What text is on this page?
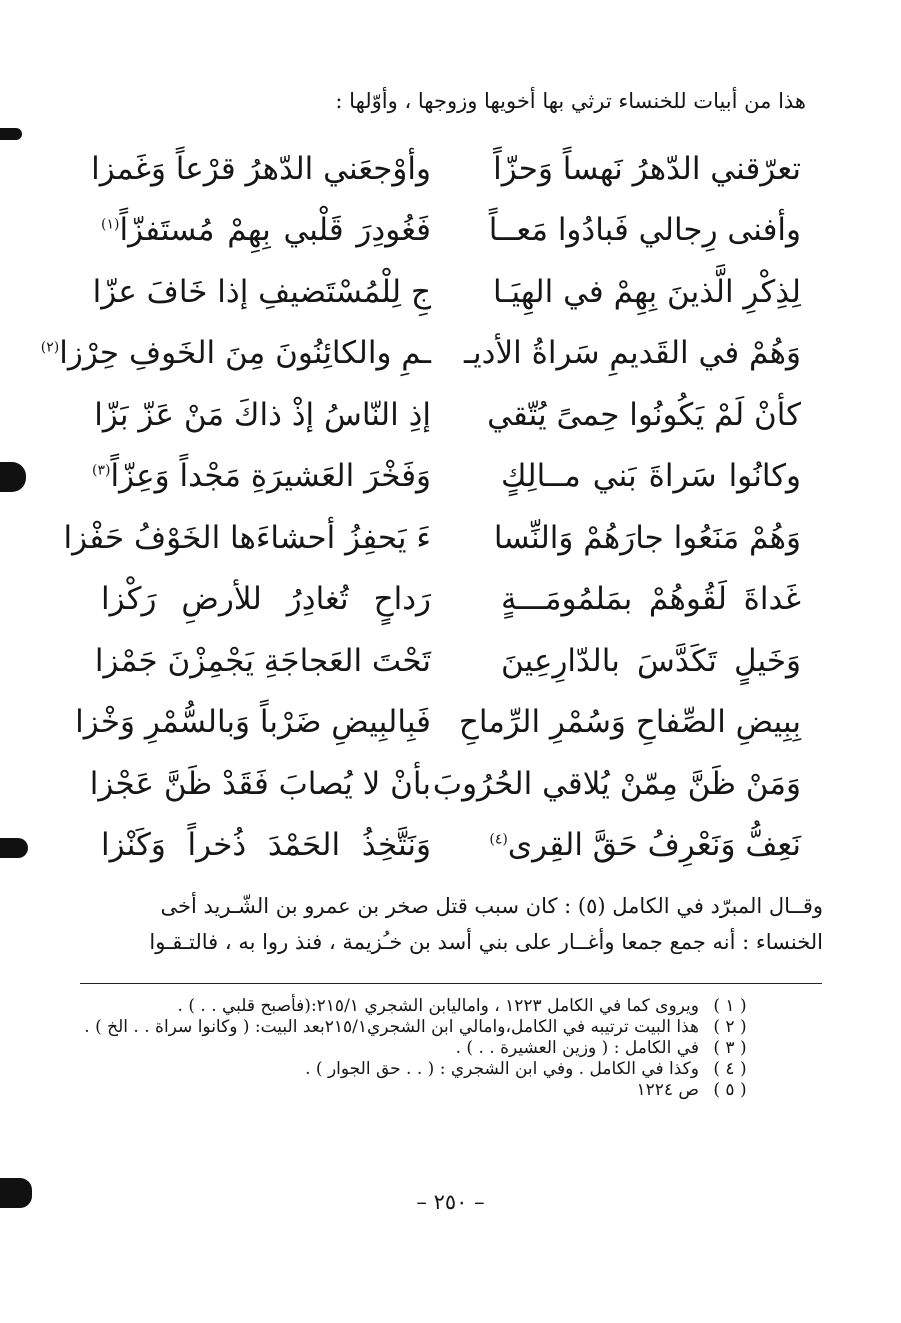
هذا من أبيات للخنساء ترثي بها أخويها وزوجها ، وأوّلها :
تعرّقني الدّهرُ نَهساً وَحزّاً
وأوْجعَني الدّهرُ قرْعاً وَغَمزا
وأفنى رِجالي فَبادُوا مَعــاً
فَغُودِرَ قَلْبي بِهِمْ مُستَفزّاً$^{(١)}$
لِذِكْرِ الَّذينَ بِهِمْ في الهِيَـا
جِ لِلْمُسْتَضيفِ إذا خَافَ عزّا
وَهُمْ في القَديمِ سَراةُ الأديـ
ـمِ والكائِنُونَ مِنَ الخَوفِ حِرْزا$^{(٢)}$
كأنْ لَمْ يَكُونُوا حِمىً يُتّقي
إذِ النّاسُ إذْ ذاكَ مَنْ عَزّ بَزّا
وكانُوا سَراةَ بَني مــالِكٍ
وَفَخْرَ العَشيرَةِ مَجْداً وَعِزّاً$^{(٣)}$
وَهُمْ مَنَعُوا جارَهُمْ وَالنِّسا
ءَ يَحفِزُ أحشاءَها الخَوْفُ حَفْزا
غَداةَ لَقُوهُمْ بمَلمُومَـــةٍ
رَداحٍ تُغادِرُ للأرضِ رَكْزا
وَخَيلٍ تَكَدَّسَ بالدّارِعِينَ
تَحْتَ العَجاجَةِ يَجْمِزْنَ جَمْزا
بِبِيضِ الصِّفاحِ وَسُمْرِ الرِّماحِ
فَبِالبِيضِ ضَرْباً وَبالسُّمْرِ وَخْزا
وَمَنْ ظَنَّ مِمّنْ يُلاقي الحُرُوبَ
بأنْ لا يُصابَ فَقَدْ ظَنَّ عَجْزا
نَعِفُّ وَنَعْرِفُ حَقَّ القِرى$^{(٤)}$
وَنَتَّخِذُ الحَمْدَ ذُخراً وَكَنْزا

وقــال المبرّد في الكامل (٥) : كان سبب قتل صخر بن عمرو بن الشّـريد أخى

الخنساء : أنه جمع جمعا وأغــار على بني أسد بن خـُزيمة ، فنذ روا به ، فالتـقـوا

( ١ )
ويروى كما في الكامل ١٢٢٣ ، واماليابن الشجري ٢١٥/١:(فأصبح قلبي . . ) .
( ٢ )
هذا البيت ترتيبه في الكامل،وامالي ابن الشجري٢١٥/١بعد البيت: ( وكانوا سراة . . الخ ) .
( ٣ )
في الكامل : ( وزين العشيرة . . ) .
( ٤ )
وكذا في الكامل . وفي ابن الشجري : ( . . حق الجوار ) .
( ٥ )
ص ١٢٢٤
– ٢٥٠ –
